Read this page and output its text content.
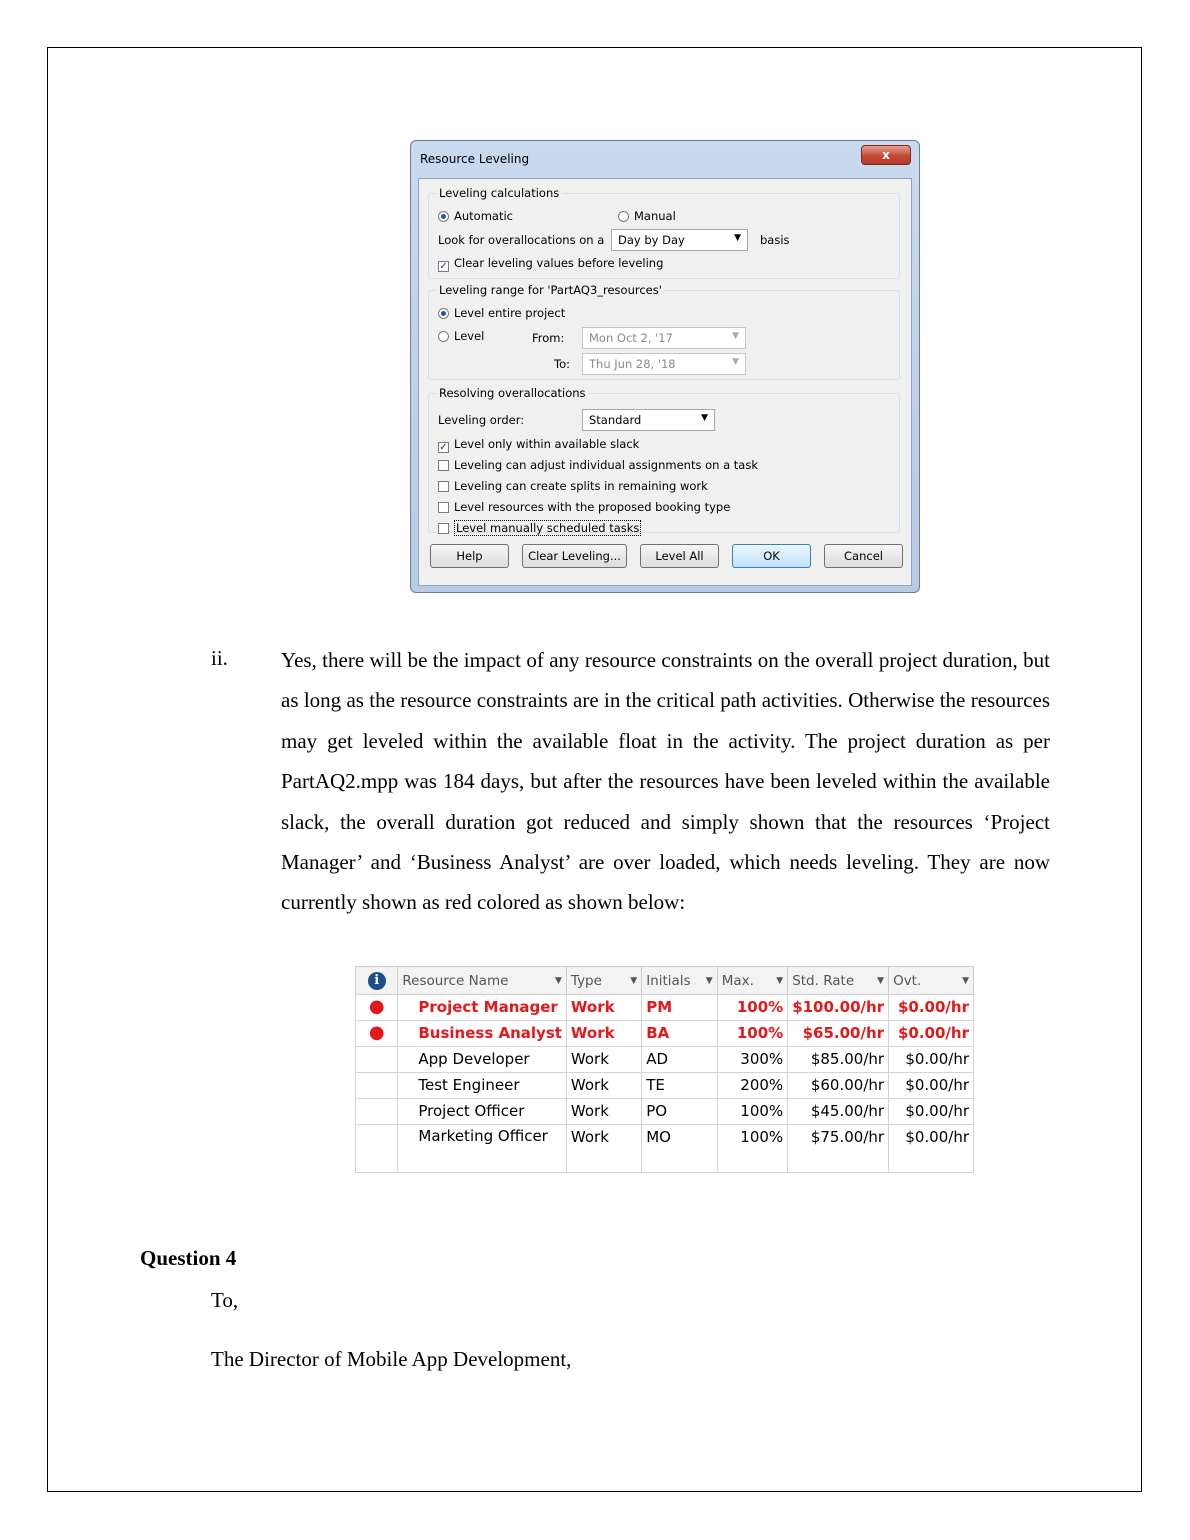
Resource Leveling	x
Leveling calculations
Automatic	Manual
Look for overallocations on a	Day by Day	▼ basis
✓ Clear leveling values before leveling
Leveling range for 'PartAQ3_resources'
Level entire project
Level	From:	Mon Oct 2, '17	▼
To:	Thu Jun 28, '18	▼
Resolving overallocations
Leveling order:	Standard	▼
✓ Level only within available slack
Leveling can adjust individual assignments on a task
Leveling can create splits in remaining work
Level resources with the proposed booking type
Level manually scheduled tasks
Help	Clear Leveling...	Level All	OK	Cancel
ii.	Yes, there will be the impact of any resource constraints on the overall project duration, but as long as the resource constraints are in the critical path activities. Otherwise the resources may get leveled within the available float in the activity. The project duration as per PartAQ2.mpp was 184 days, but after the resources have been leveled within the available slack, the overall duration got reduced and simply shown that the resources ‘Project Manager’ and ‘Business Analyst’ are over loaded, which needs leveling. They are now currently shown as red colored as shown below:
i	Resource Name ▼	Type ▼	Initials ▼	Max. ▼	Std. Rate ▼	Ovt. ▼

●	Project Manager	Work	PM	100%	$100.00/hr	$0.00/hr
●	Business Analyst	Work	BA	100%	$65.00/hr	$0.00/hr
	App Developer	Work	AD	300%	$85.00/hr	$0.00/hr
	Test Engineer	Work	TE	200%	$60.00/hr	$0.00/hr
	Project Officer	Work	PO	100%	$45.00/hr	$0.00/hr
	Marketing Officer	Work	MO	100%	$75.00/hr	$0.00/hr
Question 4
To,
The Director of Mobile App Development,
